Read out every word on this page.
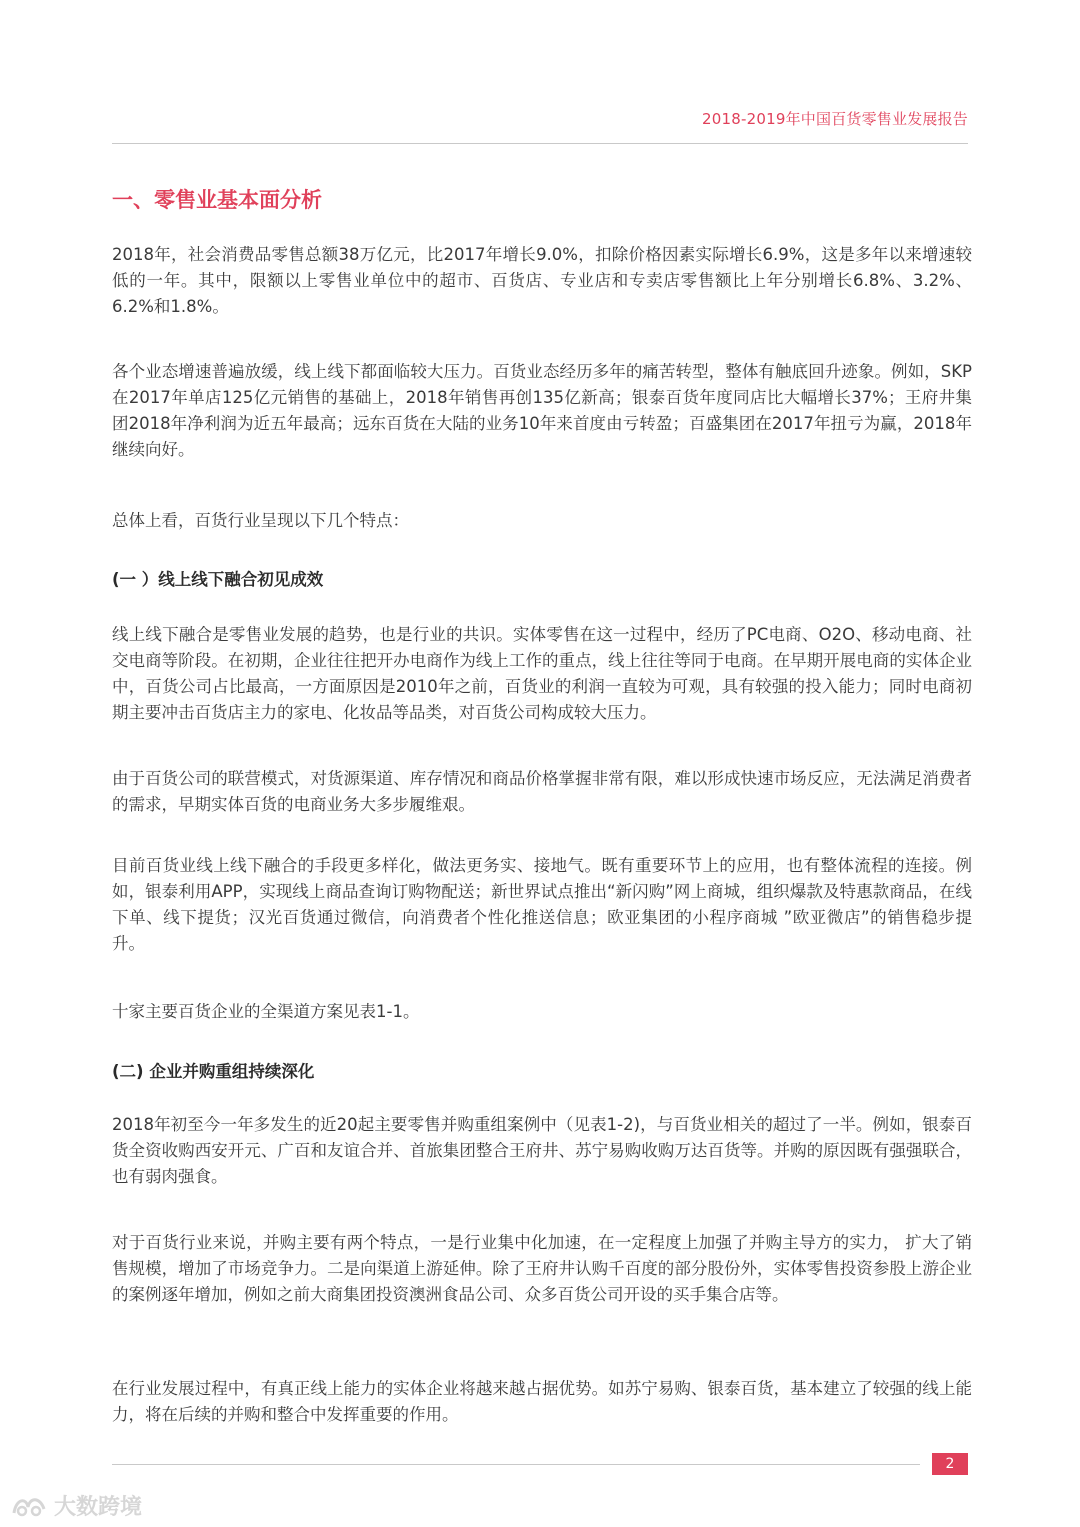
2018-2019年中国百货零售业发展报告
一、零售业基本面分析

2018年，社会消费品零售总额38万亿元，比2017年增长9.0%，扣除价格因素实际增长6.9%，这是多年以来增速较低的一年。其中，限额以上零售业单位中的超市、百货店、专业店和专卖店零售额比上年分别增长6.8%、3.2%、6.2%和1.8%。

各个业态增速普遍放缓，线上线下都面临较大压力。百货业态经历多年的痛苦转型，整体有触底回升迹象。例如，SKP在2017年单店125亿元销售的基础上，2018年销售再创135亿新高；银泰百货年度同店比大幅增长37%；王府井集团2018年净利润为近五年最高；远东百货在大陆的业务10年来首度由亏转盈；百盛集团在2017年扭亏为赢，2018年继续向好。

总体上看，百货行业呈现以下几个特点：

(一 ）线上线下融合初见成效

线上线下融合是零售业发展的趋势，也是行业的共识。实体零售在这一过程中，经历了PC电商、O2O、移动电商、社交电商等阶段。在初期，企业往往把开办电商作为线上工作的重点，线上往往等同于电商。在早期开展电商的实体企业中，百货公司占比最高，一方面原因是2010年之前，百货业的利润一直较为可观，具有较强的投入能力；同时电商初期主要冲击百货店主力的家电、化妆品等品类，对百货公司构成较大压力。

由于百货公司的联营模式，对货源渠道、库存情况和商品价格掌握非常有限，难以形成快速市场反应，无法满足消费者的需求，早期实体百货的电商业务大多步履维艰。

目前百货业线上线下融合的手段更多样化，做法更务实、接地气。既有重要环节上的应用，也有整体流程的连接。例如，银泰利用APP，实现线上商品查询订购物配送；新世界试点推出“新闪购”网上商城，组织爆款及特惠款商品，在线下单、线下提货；汉光百货通过微信，向消费者个性化推送信息；欧亚集团的小程序商城 ”欧亚微店”的销售稳步提升。

十家主要百货企业的全渠道方案见表1-1。

(二) 企业并购重组持续深化

2018年初至今一年多发生的近20起主要零售并购重组案例中（见表1-2)，与百货业相关的超过了一半。例如，银泰百货全资收购西安开元、广百和友谊合并、首旅集团整合王府井、苏宁易购收购万达百货等。并购的原因既有强强联合，也有弱肉强食。

对于百货行业来说，并购主要有两个特点，一是行业集中化加速，在一定程度上加强了并购主导方的实力， 扩大了销售规模，增加了市场竞争力。二是向渠道上游延伸。除了王府井认购千百度的部分股份外，实体零售投资参股上游企业的案例逐年增加，例如之前大商集团投资澳洲食品公司、众多百货公司开设的买手集合店等。

在行业发展过程中，有真正线上能力的实体企业将越来越占据优势。如苏宁易购、银泰百货，基本建立了较强的线上能力，将在后续的并购和整合中发挥重要的作用。

2
大数跨境
